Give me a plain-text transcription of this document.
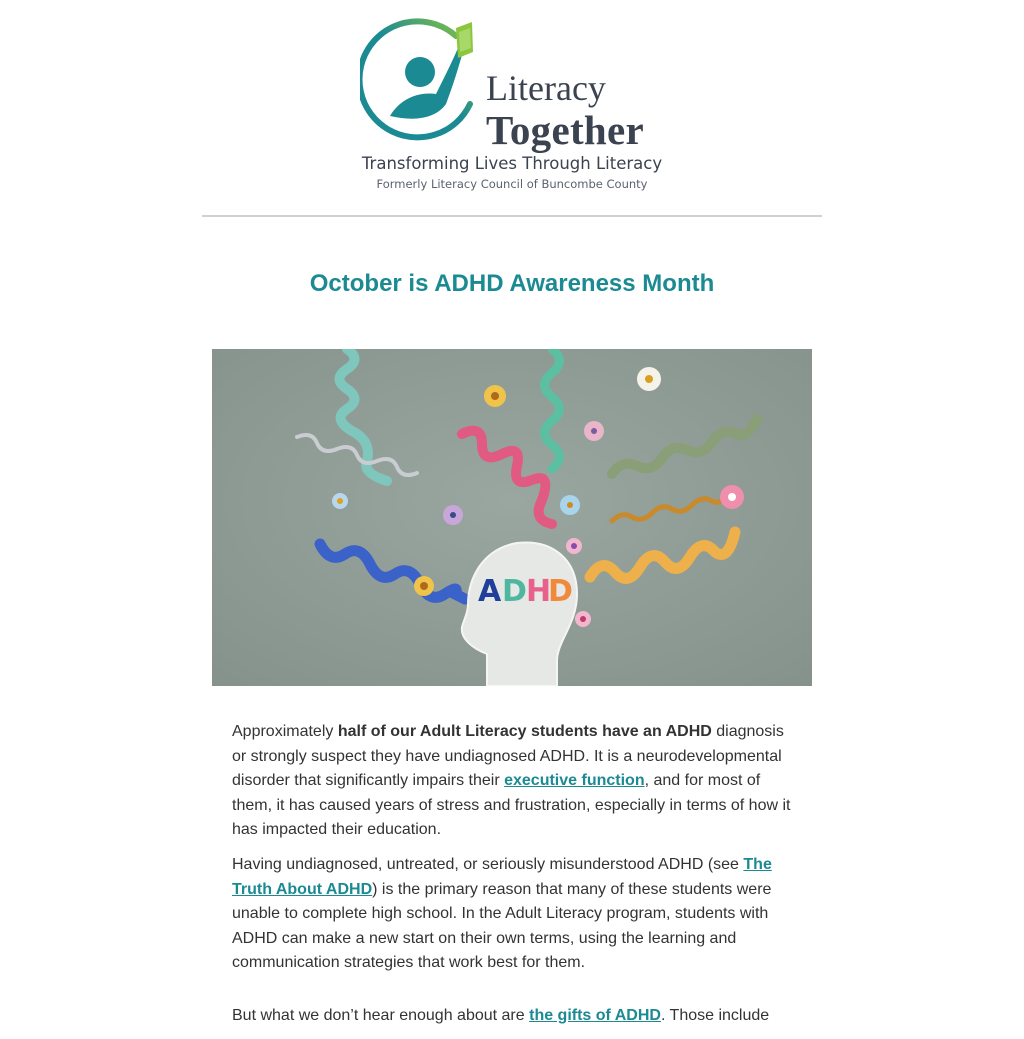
Literacy
Together
Transforming Lives Through Literacy
Formerly Literacy Council of Buncombe County
October is ADHD Awareness Month
A D H
D

Approximately half of our Adult Literacy students have an ADHD diagnosis or strongly suspect they have undiagnosed ADHD. It is a neurodevelopmental disorder that significantly impairs their executive function, and for most of them, it has caused years of stress and frustration, especially in terms of how it has impacted their education.

Having undiagnosed, untreated, or seriously misunderstood ADHD (see The Truth About ADHD) is the primary reason that many of these students were unable to complete high school. In the Adult Literacy program, students with ADHD can make a new start on their own terms, using the learning and communication strategies that work best for them.

But what we don’t hear enough about are the gifts of ADHD. Those include
